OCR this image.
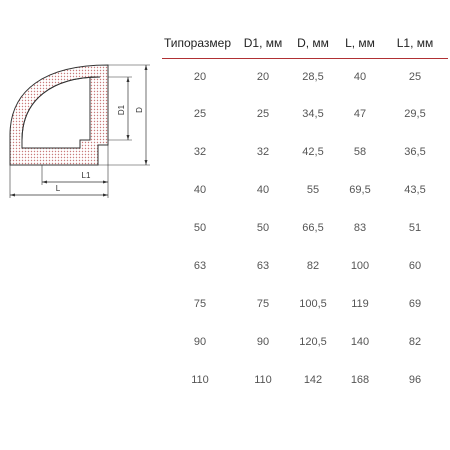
D1 D
L1
L
Типоразмер	D1, мм	D, мм	L, мм	L1, мм
20	20	28,5	40	25
25	25	34,5	47	29,5
32	32	42,5	58	36,5
40	40	55	69,5	43,5
50	50	66,5	83	51
63	63	82	100	60
75	75	100,5	119	69
90	90	120,5	140	82
110	110	142	168	96
